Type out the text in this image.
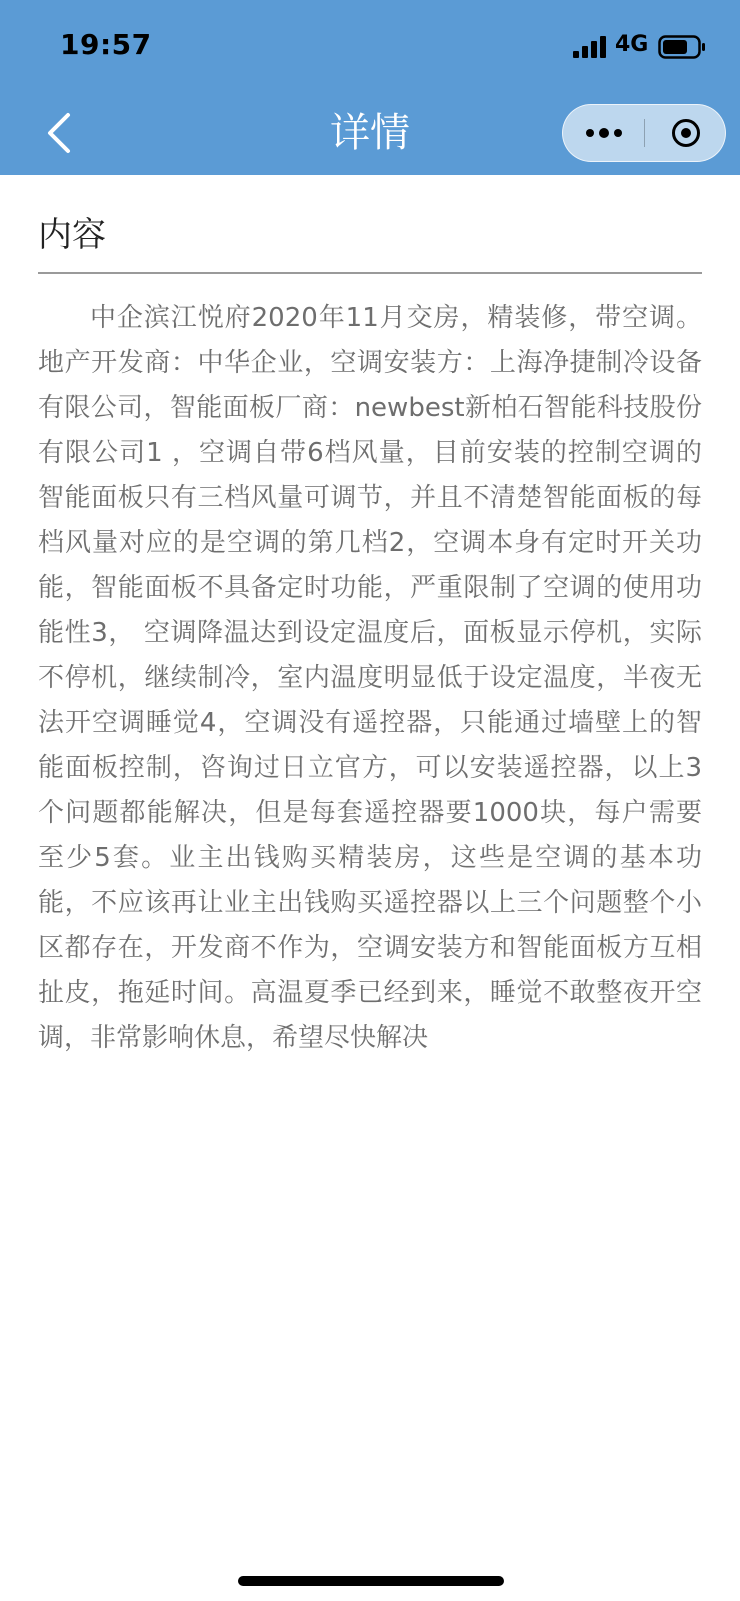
19:57	4G
详情
内容

中企滨江悦府2020年11月交房，精装修，带空调。地产开发商：中华企业，空调安装方：上海净捷制冷设备有限公司，智能面板厂商：newbest新柏石智能科技股份有限公司1 ，空调自带6档风量，目前安装的控制空调的智能面板只有三档风量可调节，并且不清楚智能面板的每档风量对应的是空调的第几档2，空调本身有定时开关功能，智能面板不具备定时功能，严重限制了空调的使用功能性3， 空调降温达到设定温度后，面板显示停机，实际不停机，继续制冷，室内温度明显低于设定温度，半夜无法开空调睡觉4，空调没有遥控器，只能通过墙壁上的智能面板控制，咨询过日立官方，可以安装遥控器，以上3个问题都能解决，但是每套遥控器要1000块，每户需要至少5套。业主出钱购买精装房，这些是空调的基本功能，不应该再让业主出钱购买遥控器以上三个问题整个小区都存在，开发商不作为，空调安装方和智能面板方互相扯皮，拖延时间。高温夏季已经到来，睡觉不敢整夜开空调，非常影响休息，希望尽快解决
